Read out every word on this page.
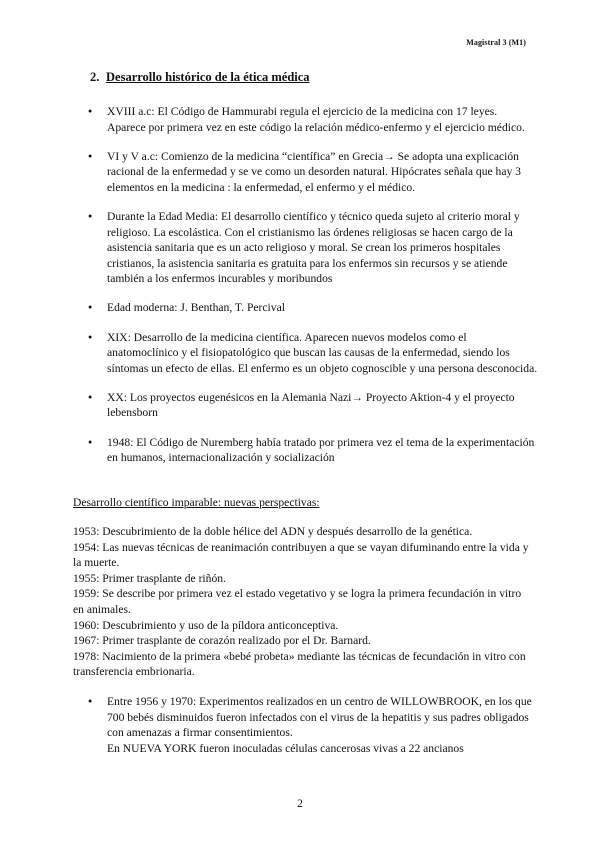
Magistral 3 (M1)
2. Desarrollo histórico de la ética médica
● XVIII a.c: El Código de Hammurabi regula el ejercicio de la medicina con 17 leyes. Aparece por primera vez en este código la relación médico-enfermo y el ejercicio médico.
● VI y V a.c: Comienzo de la medicina “científica” en Grecia→ Se adopta una explicación racional de la enfermedad y se ve como un desorden natural. Hipócrates señala que hay 3 elementos en la medicina : la enfermedad, el enfermo y el médico.
● Durante la Edad Media: El desarrollo científico y técnico queda sujeto al criterio moral y religioso. La escolástica. Con el cristianismo las órdenes religiosas se hacen cargo de la asistencia sanitaria que es un acto religioso y moral. Se crean los primeros hospitales cristianos, la asistencia sanitaria es gratuita para los enfermos sin recursos y se atiende también a los enfermos incurables y moribundos
● Edad moderna: J. Benthan, T. Percival
● XIX: Desarrollo de la medicina científica. Aparecen nuevos modelos como el anatomoclínico y el fisiopatológico que buscan las causas de la enfermedad, siendo los síntomas un efecto de ellas. El enfermo es un objeto cognoscible y una persona desconocida.
● XX: Los proyectos eugenésicos en la Alemania Nazi→ Proyecto Aktion-4 y el proyecto lebensborn
● 1948: El Código de Nuremberg había tratado por primera vez el tema de la experimentación en humanos, internacionalización y socialización
Desarrollo científico imparable: nuevas perspectivas:
1953: Descubrimiento de la doble hélice del ADN y después desarrollo de la genética.
1954: Las nuevas técnicas de reanimación contribuyen a que se vayan difuminando entre la vida y la muerte.
1955: Primer trasplante de riñón.
1959: Se describe por primera vez el estado vegetativo y se logra la primera fecundación in vitro en animales.
1960: Descubrimiento y uso de la píldora anticonceptiva.
1967: Primer trasplante de corazón realizado por el Dr. Barnard.
1978: Nacimiento de la primera «bebé probeta» mediante las técnicas de fecundación in vitro con transferencia embrionaria.
● Entre 1956 y 1970: Experimentos realizados en un centro de WILLOWBROOK, en los que 700 bebés disminuidos fueron infectados con el virus de la hepatitis y sus padres obligados con amenazas a firmar consentimientos.
En NUEVA YORK fueron inoculadas células cancerosas vivas a 22 ancianos
2
